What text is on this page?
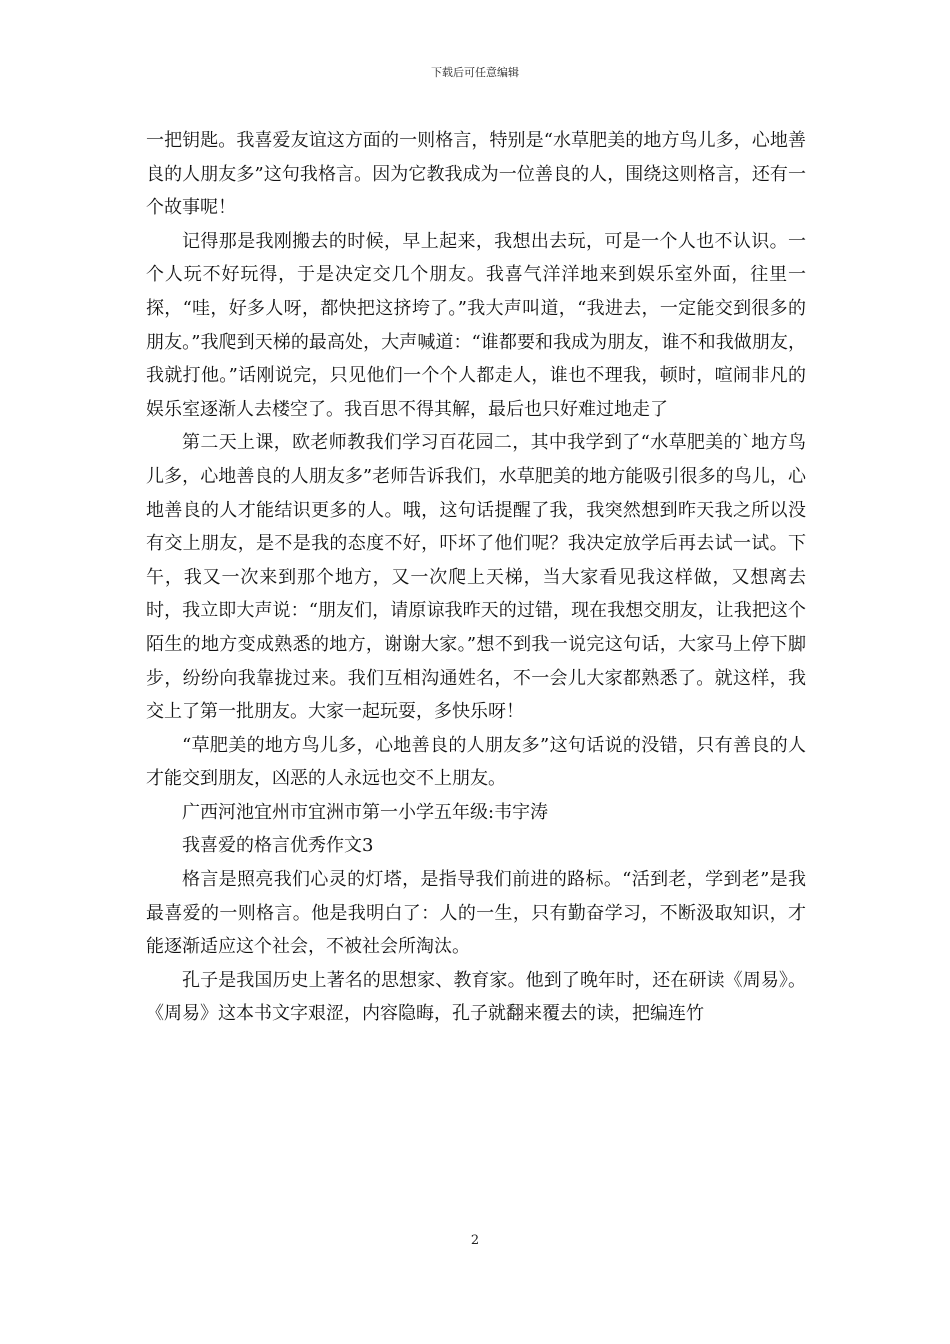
下载后可任意编辑

一把钥匙。我喜爱友谊这方面的一则格言，特别是“水草肥美的地方鸟儿多，心地善良的人朋友多”这句我格言。因为它教我成为一位善良的人，围绕这则格言，还有一个故事呢！

记得那是我刚搬去的时候，早上起来，我想出去玩，可是一个人也不认识。一个人玩不好玩得，于是决定交几个朋友。我喜气洋洋地来到娱乐室外面，往里一探，“哇，好多人呀，都快把这挤垮了。”我大声叫道，“我进去，一定能交到很多的朋友。”我爬到天梯的最高处，大声喊道：“谁都要和我成为朋友，谁不和我做朋友，我就打他。”话刚说完，只见他们一个个人都走人，谁也不理我，顿时，喧闹非凡的娱乐室逐渐人去楼空了。我百思不得其解，最后也只好难过地走了

第二天上课，欧老师教我们学习百花园二，其中我学到了“水草肥美的`地方鸟儿多，心地善良的人朋友多”老师告诉我们，水草肥美的地方能吸引很多的鸟儿，心地善良的人才能结识更多的人。哦，这句话提醒了我，我突然想到昨天我之所以没有交上朋友，是不是我的态度不好，吓坏了他们呢？我决定放学后再去试一试。下午，我又一次来到那个地方，又一次爬上天梯，当大家看见我这样做，又想离去时，我立即大声说：“朋友们，请原谅我昨天的过错，现在我想交朋友，让我把这个陌生的地方变成熟悉的地方，谢谢大家。”想不到我一说完这句话，大家马上停下脚步，纷纷向我靠拢过来。我们互相沟通姓名，不一会儿大家都熟悉了。就这样，我交上了第一批朋友。大家一起玩耍，多快乐呀！

“草肥美的地方鸟儿多，心地善良的人朋友多”这句话说的没错，只有善良的人才能交到朋友，凶恶的人永远也交不上朋友。

广西河池宜州市宜洲市第一小学五年级:韦宇涛

我喜爱的格言优秀作文3

格言是照亮我们心灵的灯塔，是指导我们前进的路标。“活到老，学到老”是我最喜爱的一则格言。他是我明白了：人的一生，只有勤奋学习，不断汲取知识，才能逐渐适应这个社会，不被社会所淘汰。

孔子是我国历史上著名的思想家、教育家。他到了晚年时，还在研读《周易》。《周易》这本书文字艰涩，内容隐晦，孔子就翻来覆去的读，把编连竹

2
